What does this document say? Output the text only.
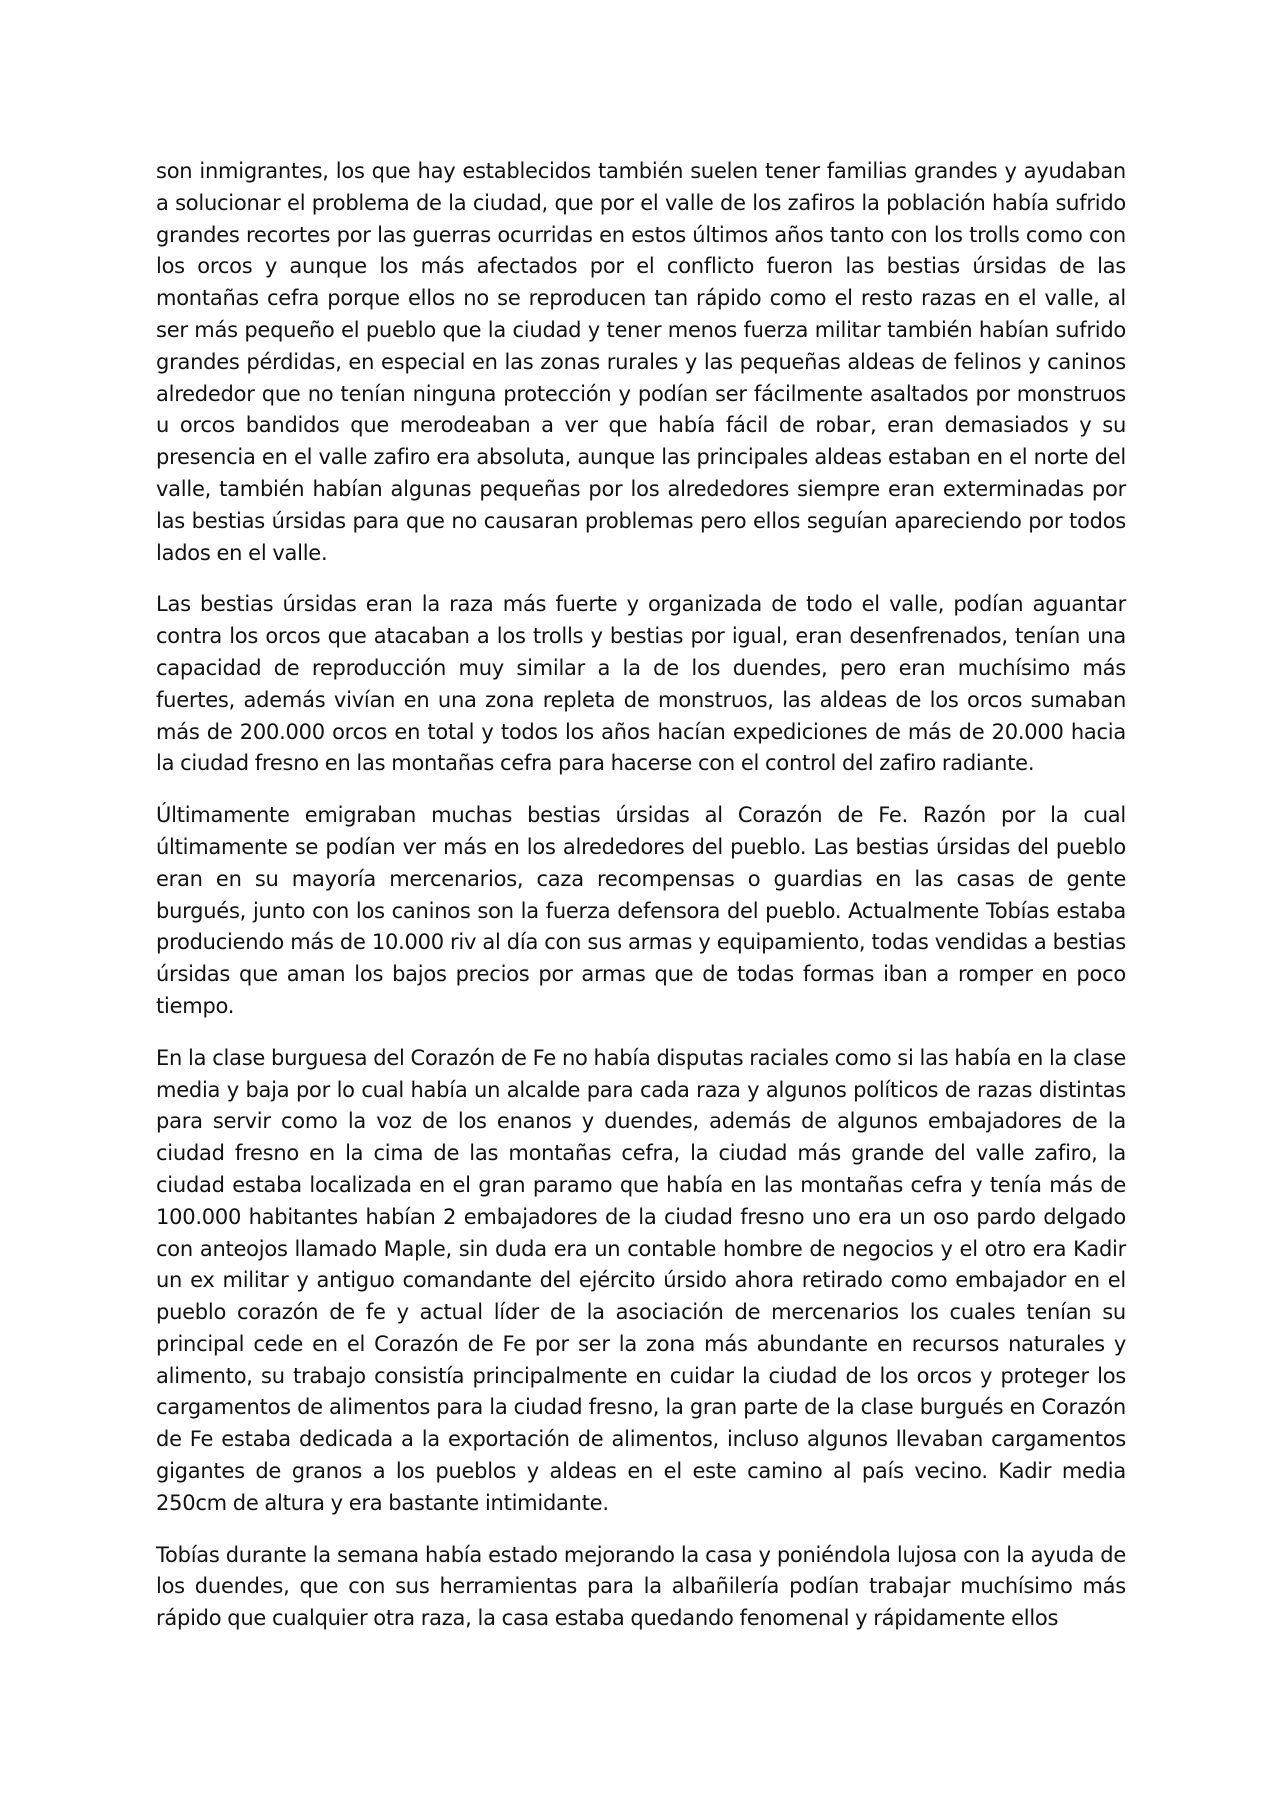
son inmigrantes, los que hay establecidos también suelen tener familias grandes y ayudaban a solucionar el problema de la ciudad, que por el valle de los zafiros la población había sufrido grandes recortes por las guerras ocurridas en estos últimos años tanto con los trolls como con los orcos y aunque los más afectados por el conflicto fueron las bestias úrsidas de las montañas cefra porque ellos no se reproducen tan rápido como el resto razas en el valle, al ser más pequeño el pueblo que la ciudad y tener menos fuerza militar también habían sufrido grandes pérdidas, en especial en las zonas rurales y las pequeñas aldeas de felinos y caninos alrededor que no tenían ninguna protección y podían ser fácilmente asaltados por monstruos u orcos bandidos que merodeaban a ver que había fácil de robar, eran demasiados y su presencia en el valle zafiro era absoluta, aunque las principales aldeas estaban en el norte del valle, también habían algunas pequeñas por los alrededores siempre eran exterminadas por las bestias úrsidas para que no causaran problemas pero ellos seguían apareciendo por todos lados en el valle.

Las bestias úrsidas eran la raza más fuerte y organizada de todo el valle, podían aguantar contra los orcos que atacaban a los trolls y bestias por igual, eran desenfrenados, tenían una capacidad de reproducción muy similar a la de los duendes, pero eran muchísimo más fuertes, además vivían en una zona repleta de monstruos, las aldeas de los orcos sumaban más de 200.000 orcos en total y todos los años hacían expediciones de más de 20.000 hacia la ciudad fresno en las montañas cefra para hacerse con el control del zafiro radiante.

Últimamente emigraban muchas bestias úrsidas al Corazón de Fe. Razón por la cual últimamente se podían ver más en los alrededores del pueblo. Las bestias úrsidas del pueblo eran en su mayoría mercenarios, caza recompensas o guardias en las casas de gente burgués, junto con los caninos son la fuerza defensora del pueblo. Actualmente Tobías estaba produciendo más de 10.000 riv al día con sus armas y equipamiento, todas vendidas a bestias úrsidas que aman los bajos precios por armas que de todas formas iban a romper en poco tiempo.

En la clase burguesa del Corazón de Fe no había disputas raciales como si las había en la clase media y baja por lo cual había un alcalde para cada raza y algunos políticos de razas distintas para servir como la voz de los enanos y duendes, además de algunos embajadores de la ciudad fresno en la cima de las montañas cefra, la ciudad más grande del valle zafiro, la ciudad estaba localizada en el gran paramo que había en las montañas cefra y tenía más de 100.000 habitantes habían 2 embajadores de la ciudad fresno uno era un oso pardo delgado con anteojos llamado Maple, sin duda era un contable hombre de negocios y el otro era Kadir un ex militar y antiguo comandante del ejército úrsido ahora retirado como embajador en el pueblo corazón de fe y actual líder de la asociación de mercenarios los cuales tenían su principal cede en el Corazón de Fe por ser la zona más abundante en recursos naturales y alimento, su trabajo consistía principalmente en cuidar la ciudad de los orcos y proteger los cargamentos de alimentos para la ciudad fresno, la gran parte de la clase burgués en Corazón de Fe estaba dedicada a la exportación de alimentos, incluso algunos llevaban cargamentos gigantes de granos a los pueblos y aldeas en el este camino al país vecino. Kadir media 250cm de altura y era bastante intimidante.

Tobías durante la semana había estado mejorando la casa y poniéndola lujosa con la ayuda de los duendes, que con sus herramientas para la albañilería podían trabajar muchísimo más rápido que cualquier otra raza, la casa estaba quedando fenomenal y rápidamente ellos
